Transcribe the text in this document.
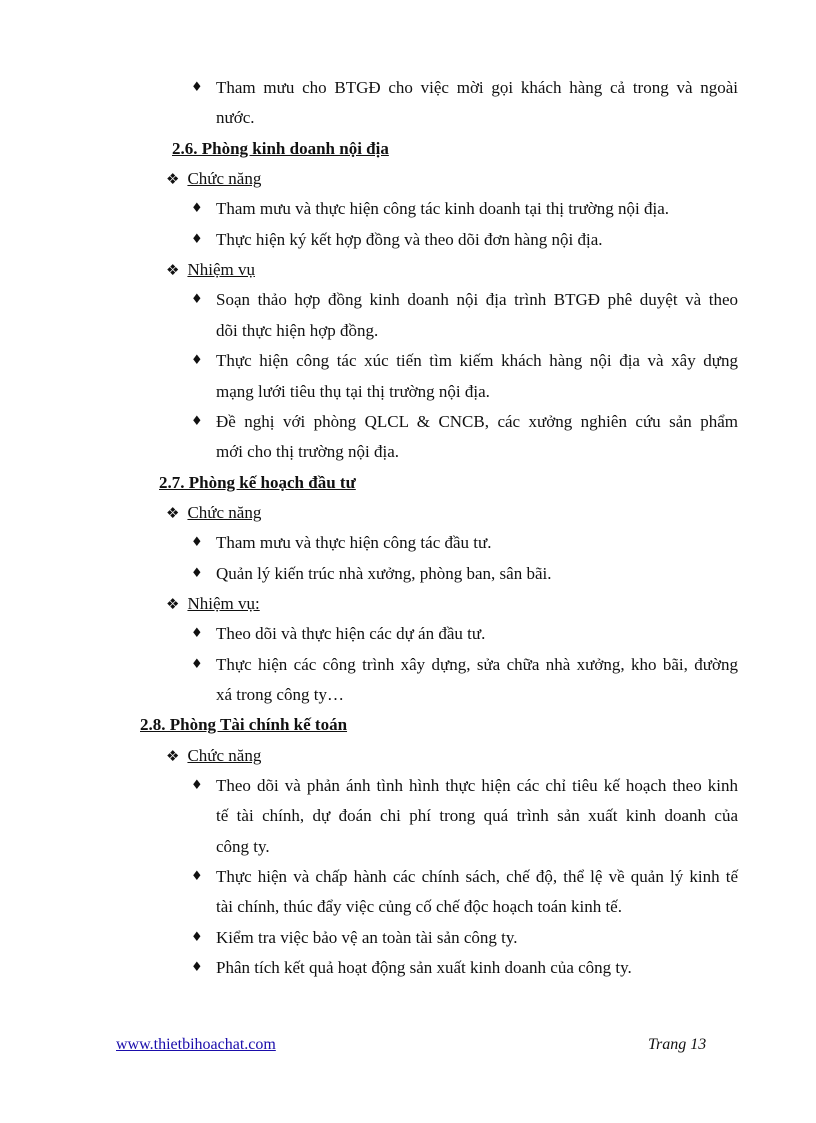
♦ Tham mưu cho BTGĐ cho việc mời gọi khách hàng cả trong và ngoài
nước.
2.6. Phòng kinh doanh nội địa
❖ Chức năng
♦ Tham mưu và thực hiện công tác kinh doanh tại thị trường nội địa.
♦ Thực hiện ký kết hợp đồng và theo dõi đơn hàng nội địa.
❖ Nhiệm vụ
♦ Soạn thảo hợp đồng kinh doanh nội địa trình BTGĐ phê duyệt và theo
dõi thực hiện hợp đồng.
♦ Thực hiện công tác xúc tiến tìm kiếm khách hàng nội địa và xây dựng
mạng lưới tiêu thụ tại thị trường nội địa.
♦ Đề nghị với phòng QLCL & CNCB, các xưởng nghiên cứu sản phẩm
mới cho thị trường nội địa.
2.7. Phòng kế hoạch đầu tư
❖ Chức năng
♦ Tham mưu và thực hiện công tác đầu tư.
♦ Quản lý kiến trúc nhà xưởng, phòng ban, sân bãi.
❖ Nhiệm vụ:
♦ Theo dõi và thực hiện các dự án đầu tư.
♦ Thực hiện các công trình xây dựng, sửa chữa nhà xưởng, kho bãi, đường
xá trong công ty…
2.8. Phòng Tài chính kế toán
❖ Chức năng
♦ Theo dõi và phản ánh tình hình thực hiện các chỉ tiêu kế hoạch theo kinh
tế tài chính, dự đoán chi phí trong quá trình sản xuất kinh doanh của
công ty.
♦ Thực hiện và chấp hành các chính sách, chế độ, thể lệ về quản lý kinh tế
tài chính, thúc đẩy việc củng cố chế độc hoạch toán kinh tế.
♦ Kiểm tra việc bảo vệ an toàn tài sản công ty.
♦ Phân tích kết quả hoạt động sản xuất kinh doanh của công ty.
www.thietbihoachat.com	Trang 13
